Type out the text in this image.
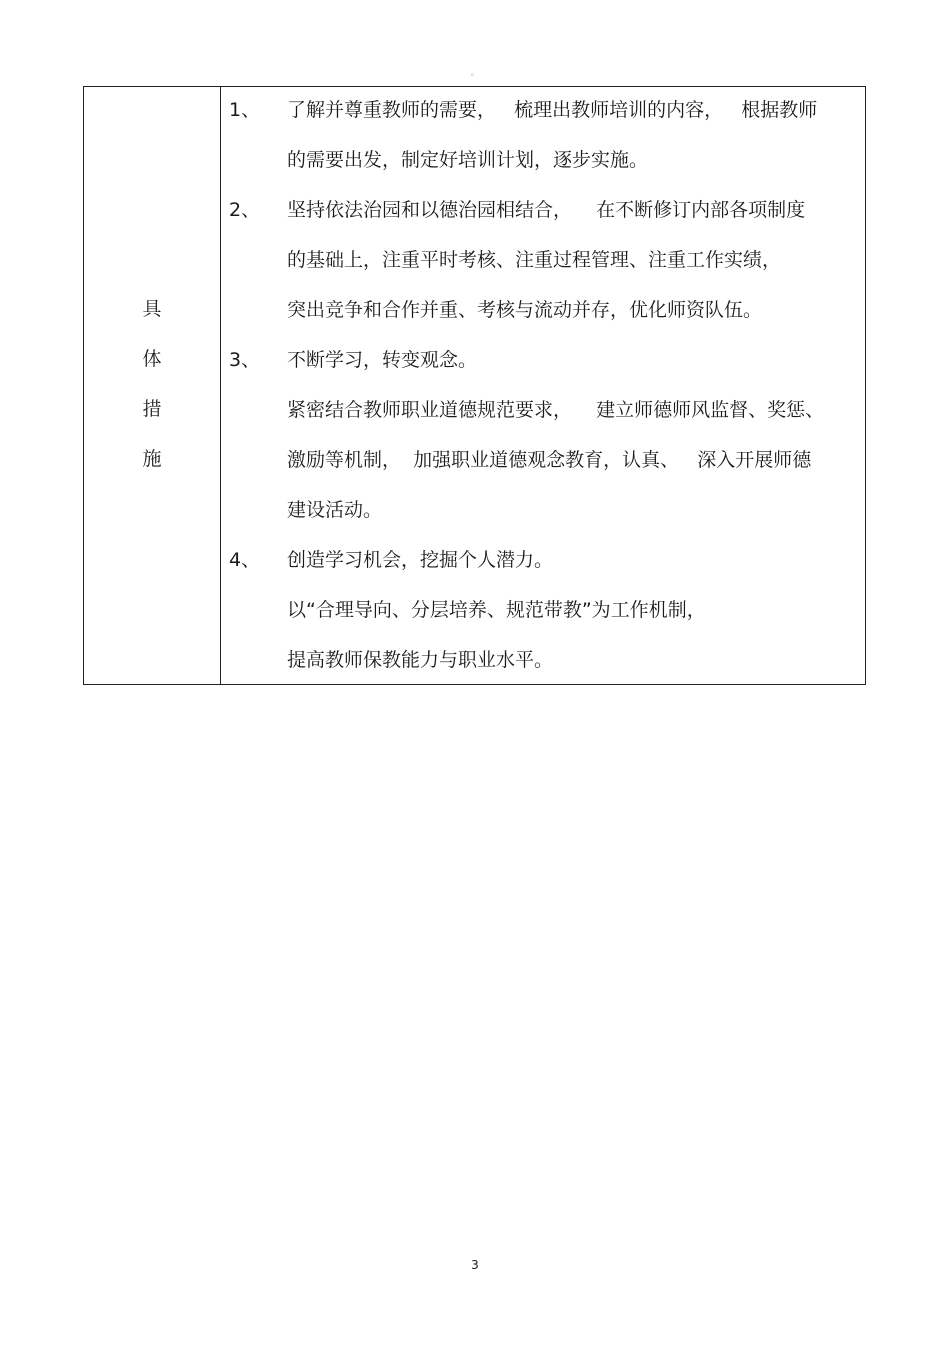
。
具
体
措
施
1、 了解并尊重教师的需要，   梳理出教师培训的内容，   根据教师
的需要出发，制定好培训计划，逐步实施。
2、 坚持依法治园和以德治园相结合，    在不断修订内部各项制度
的基础上，注重平时考核、注重过程管理、注重工作实绩，
突出竞争和合作并重、考核与流动并存，优化师资队伍。
3、 不断学习，转变观念。
紧密结合教师职业道德规范要求，    建立师德师风监督、奖惩、
激励等机制，  加强职业道德观念教育，认真、   深入开展师德
建设活动。
4、 创造学习机会，挖掘个人潜力。
以“合理导向、分层培养、规范带教”为工作机制，
提高教师保教能力与职业水平。
3
